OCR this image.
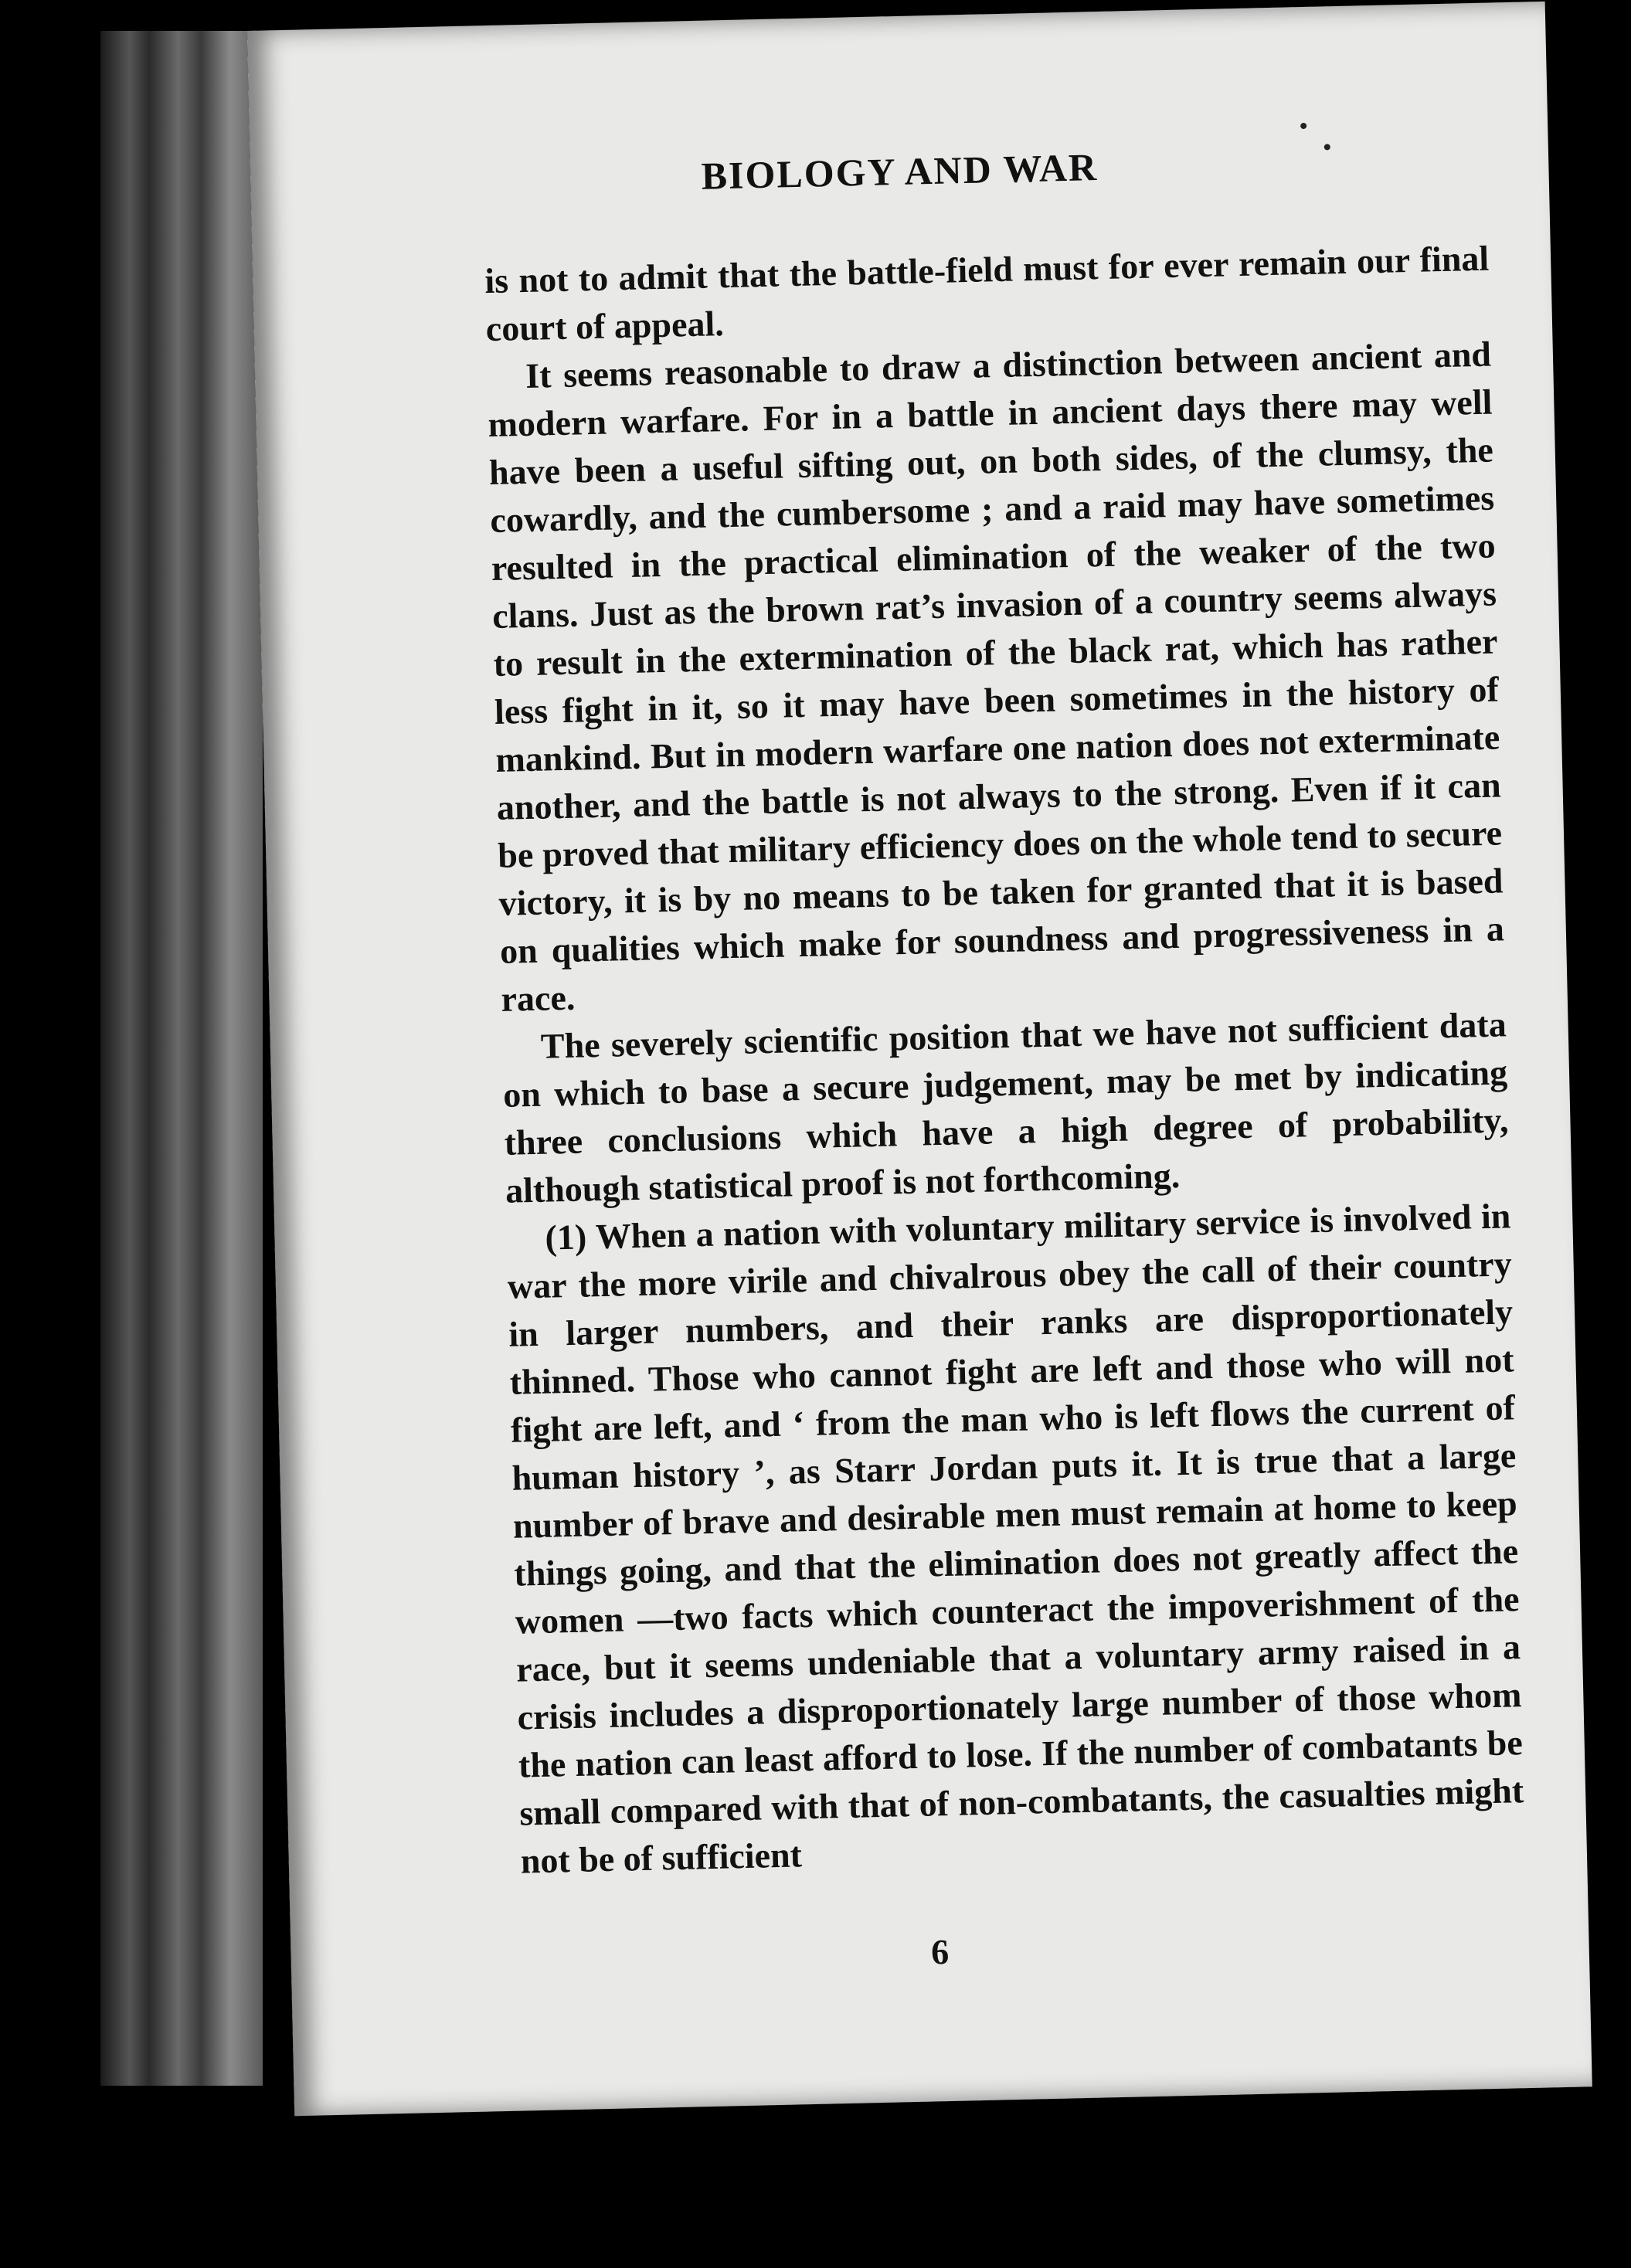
BIOLOGY AND WAR

is not to admit that the battle-field must for ever remain our final court of appeal.

It seems reasonable to draw a distinction between ancient and modern warfare. For in a battle in ancient days there may well have been a useful sifting out, on both sides, of the clumsy, the cowardly, and the cumbersome ; and a raid may have sometimes resulted in the practical elimination of the weaker of the two clans. Just as the brown rat’s invasion of a country seems always to result in the extermination of the black rat, which has rather less fight in it, so it may have been sometimes in the history of mankind. But in modern warfare one nation does not exterminate another, and the battle is not always to the strong. Even if it can be proved that military efficiency does on the whole tend to secure victory, it is by no means to be taken for granted that it is based on qualities which make for soundness and progressiveness in a race.

The severely scientific position that we have not sufficient data on which to base a secure judgement, may be met by indicating three conclusions which have a high degree of probability, although statistical proof is not forthcoming.

(1) When a nation with voluntary military service is involved in war the more virile and chivalrous obey the call of their country in larger numbers, and their ranks are disproportionately thinned. Those who cannot fight are left and those who will not fight are left, and ‘ from the man who is left flows the current of human history ’, as Starr Jordan puts it. It is true that a large number of brave and desirable men must remain at home to keep things going, and that the elimination does not greatly affect the women —two facts which counteract the impoverishment of the race, but it seems undeniable that a voluntary army raised in a crisis includes a disproportionately large number of those whom the nation can least afford to lose. If the number of combatants be small compared with that of non-combatants, the casualties might not be of sufficient

6
